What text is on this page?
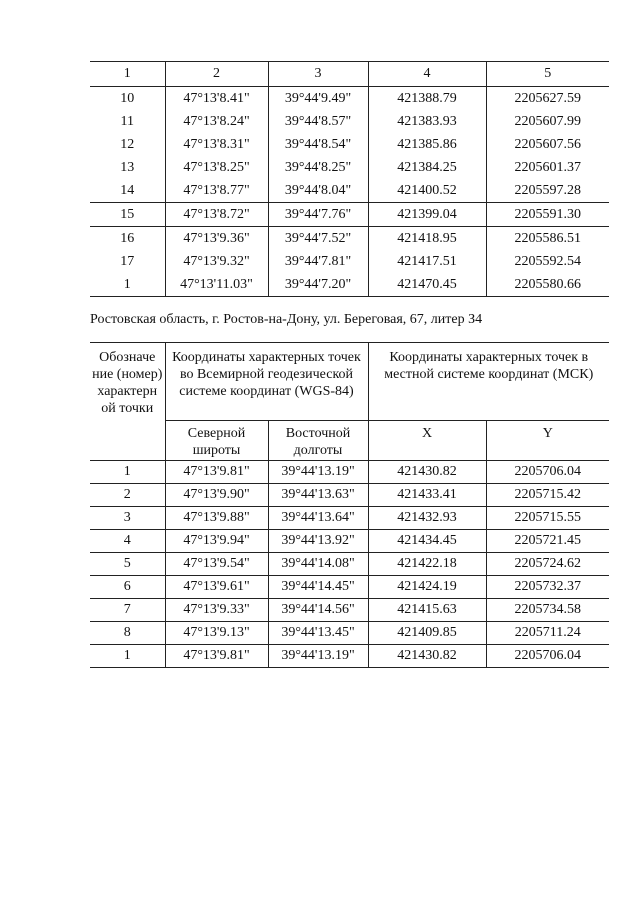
1	2	3	4	5
10	47°13'8.41"	39°44'9.49"	421388.79	2205627.59
11	47°13'8.24"	39°44'8.57"	421383.93	2205607.99
12	47°13'8.31"	39°44'8.54"	421385.86	2205607.56
13	47°13'8.25"	39°44'8.25"	421384.25	2205601.37
14	47°13'8.77"	39°44'8.04"	421400.52	2205597.28
15	47°13'8.72"	39°44'7.76"	421399.04	2205591.30
16	47°13'9.36"	39°44'7.52"	421418.95	2205586.51
17	47°13'9.32"	39°44'7.81"	421417.51	2205592.54
1	47°13'11.03"	39°44'7.20"	421470.45	2205580.66

Ростовская область, г. Ростов-на-Дону, ул. Береговая, 67, литер З4

Обозначе ние (номер) характерн ой точки	Координаты характерных точек во Всемирной геодезической системе координат (WGS-84)		Координаты характерных точек в местной системе координат (МСК)	
	Северной широты	Восточной долготы	X	Y
1	47°13'9.81"	39°44'13.19"	421430.82	2205706.04
2	47°13'9.90"	39°44'13.63"	421433.41	2205715.42
3	47°13'9.88"	39°44'13.64"	421432.93	2205715.55
4	47°13'9.94"	39°44'13.92"	421434.45	2205721.45
5	47°13'9.54"	39°44'14.08"	421422.18	2205724.62
6	47°13'9.61"	39°44'14.45"	421424.19	2205732.37
7	47°13'9.33"	39°44'14.56"	421415.63	2205734.58
8	47°13'9.13"	39°44'13.45"	421409.85	2205711.24
1	47°13'9.81"	39°44'13.19"	421430.82	2205706.04
